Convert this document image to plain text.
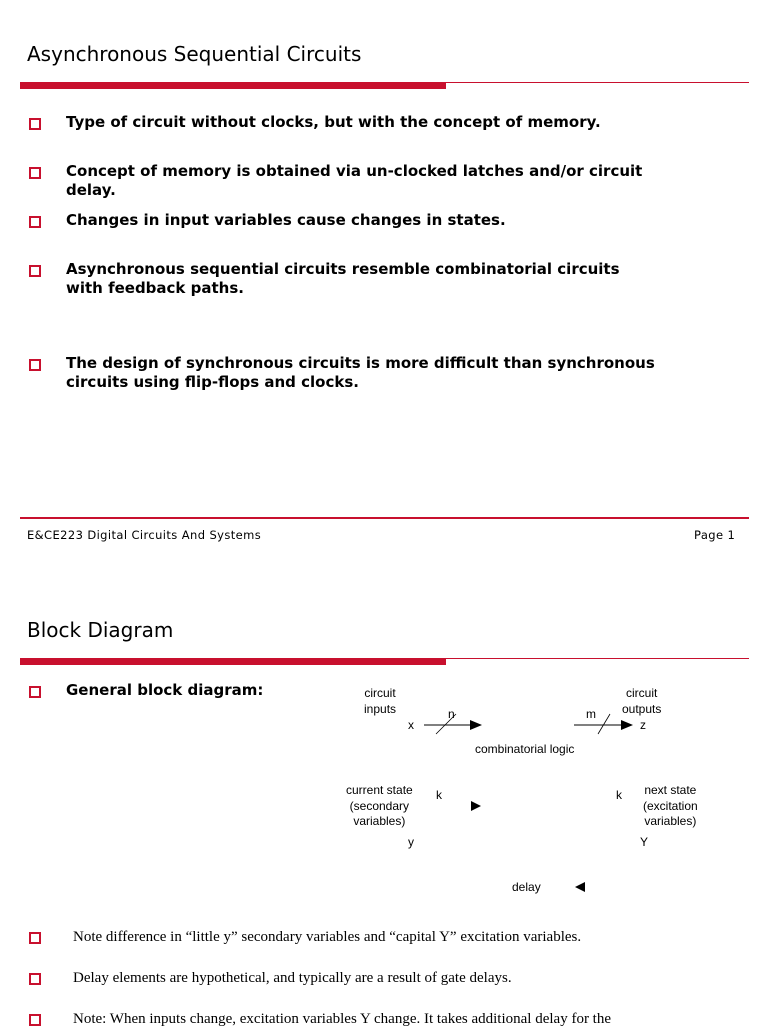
Asynchronous Sequential Circuits
Type of circuit without clocks, but with the concept of memory.
Concept of memory is obtained via un-clocked latches and/or circuit delay.
Changes in input variables cause changes in states.
Asynchronous sequential circuits resemble combinatorial circuits with feedback paths.
The design of synchronous circuits is more difficult than synchronous circuits using flip-flops and clocks.
E&CE223 Digital Circuits And Systems	Page 1
Block Diagram
General block diagram:	circuit
inputs
x
n	m
circuit
outputs
z
combinatorial logic
current state
(secondary
variables)
k	k next state
(excitation
variables)
y	Y
delay
Note difference in “little y” secondary variables and “capital Y” excitation variables.
Delay elements are hypothetical, and typically are a result of gate delays.
Note: When inputs change, excitation variables Y change. It takes additional delay for the
